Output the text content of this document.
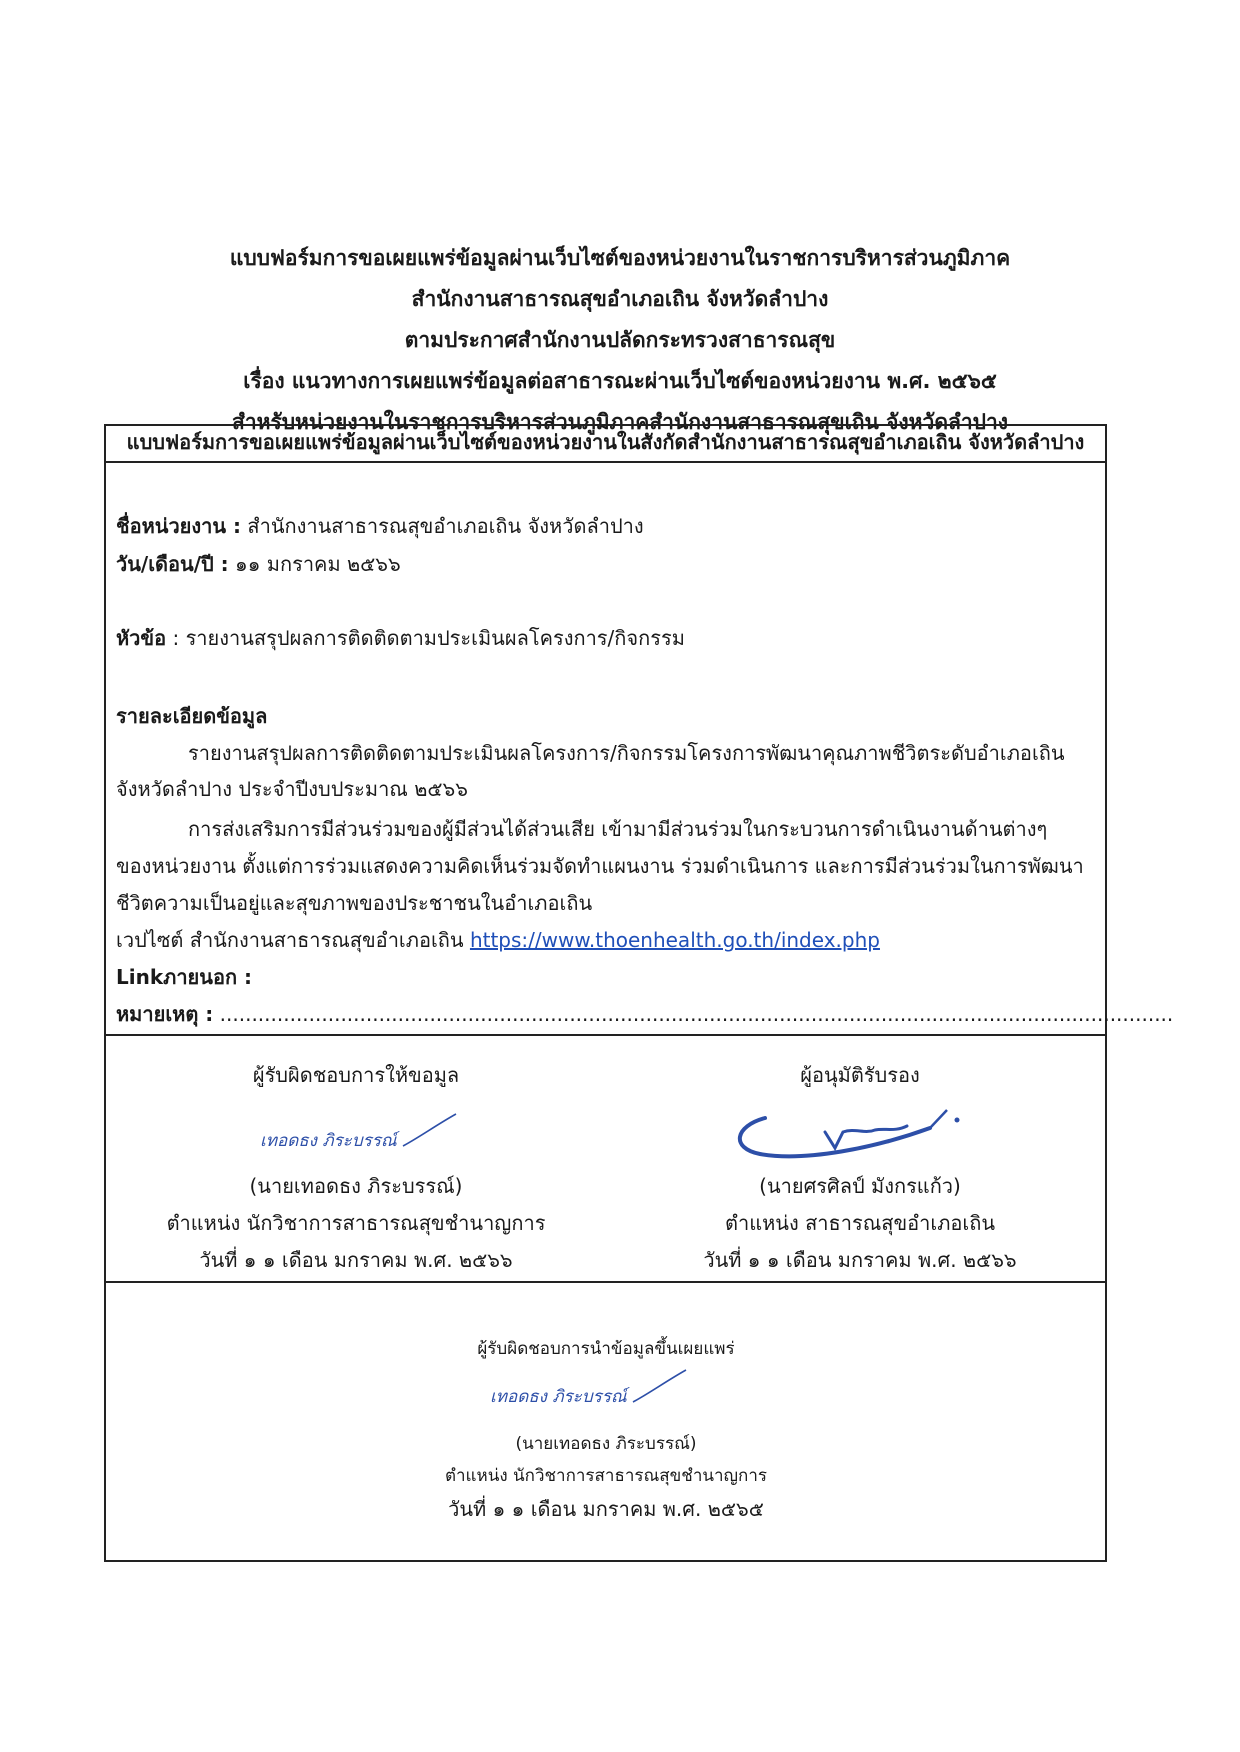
แบบฟอร์มการขอเผยแพร่ข้อมูลผ่านเว็บไซต์ของหน่วยงานในราชการบริหารส่วนภูมิภาค
สำนักงานสาธารณสุขอำเภอเถิน จังหวัดลำปาง
ตามประกาศสำนักงานปลัดกระทรวงสาธารณสุข
เรื่อง แนวทางการเผยแพร่ข้อมูลต่อสาธารณะผ่านเว็บไซต์ของหน่วยงาน พ.ศ. ๒๕๖๕
สำหรับหน่วยงานในราชการบริหารส่วนภูมิภาคสำนักงานสาธารณสุขเถิน จังหวัดลำปาง
แบบฟอร์มการขอเผยแพร่ข้อมูลผ่านเว็บไซต์ของหน่วยงานในสังกัดสำนักงานสาธารณสุขอำเภอเถิน จังหวัดลำปาง
ชื่อหน่วยงาน : สำนักงานสาธารณสุขอำเภอเถิน จังหวัดลำปาง
วัน/เดือน/ปี : ๑๑ มกราคม ๒๕๖๖
หัวข้อ : รายงานสรุปผลการติดติดตามประเมินผลโครงการ/กิจกรรม
รายละเอียดข้อมูล
รายงานสรุปผลการติดติดตามประเมินผลโครงการ/กิจกรรมโครงการพัฒนาคุณภาพชีวิตระดับอำเภอเถิน
จังหวัดลำปาง ประจำปีงบประมาณ ๒๕๖๖
การส่งเสริมการมีส่วนร่วมของผู้มีส่วนได้ส่วนเสีย เข้ามามีส่วนร่วมในกระบวนการดำเนินงานด้านต่างๆ
ของหน่วยงาน ตั้งแต่การร่วมแสดงความคิดเห็นร่วมจัดทำแผนงาน ร่วมดำเนินการ และการมีส่วนร่วมในการพัฒนา
ชีวิตความเป็นอยู่และสุขภาพของประชาชนในอำเภอเถิน
เวปไซต์ สำนักงานสาธารณสุขอำเภอเถิน https://www.thoenhealth.go.th/index.php
Linkภายนอก :
หมายเหตุ : ......................................................................................................................................................
ผู้รับผิดชอบการให้ขอมูล
เทอดธง ภิระบรรณ์
(นายเทอดธง ภิระบรรณ์)
ตำแหน่ง นักวิชาการสาธารณสุขชำนาญการ
วันที่ ๑ ๑ เดือน มกราคม พ.ศ. ๒๕๖๖
ผู้อนุมัติรับรอง
(นายศรศิลป์ มังกรแก้ว)
ตำแหน่ง สาธารณสุขอำเภอเถิน
วันที่ ๑ ๑ เดือน มกราคม พ.ศ. ๒๕๖๖
ผู้รับผิดชอบการนำข้อมูลขึ้นเผยแพร่
เทอดธง ภิระบรรณ์
(นายเทอดธง ภิระบรรณ์)
ตำแหน่ง นักวิชาการสาธารณสุขชำนาญการ
วันที่ ๑ ๑ เดือน มกราคม พ.ศ. ๒๕๖๕
